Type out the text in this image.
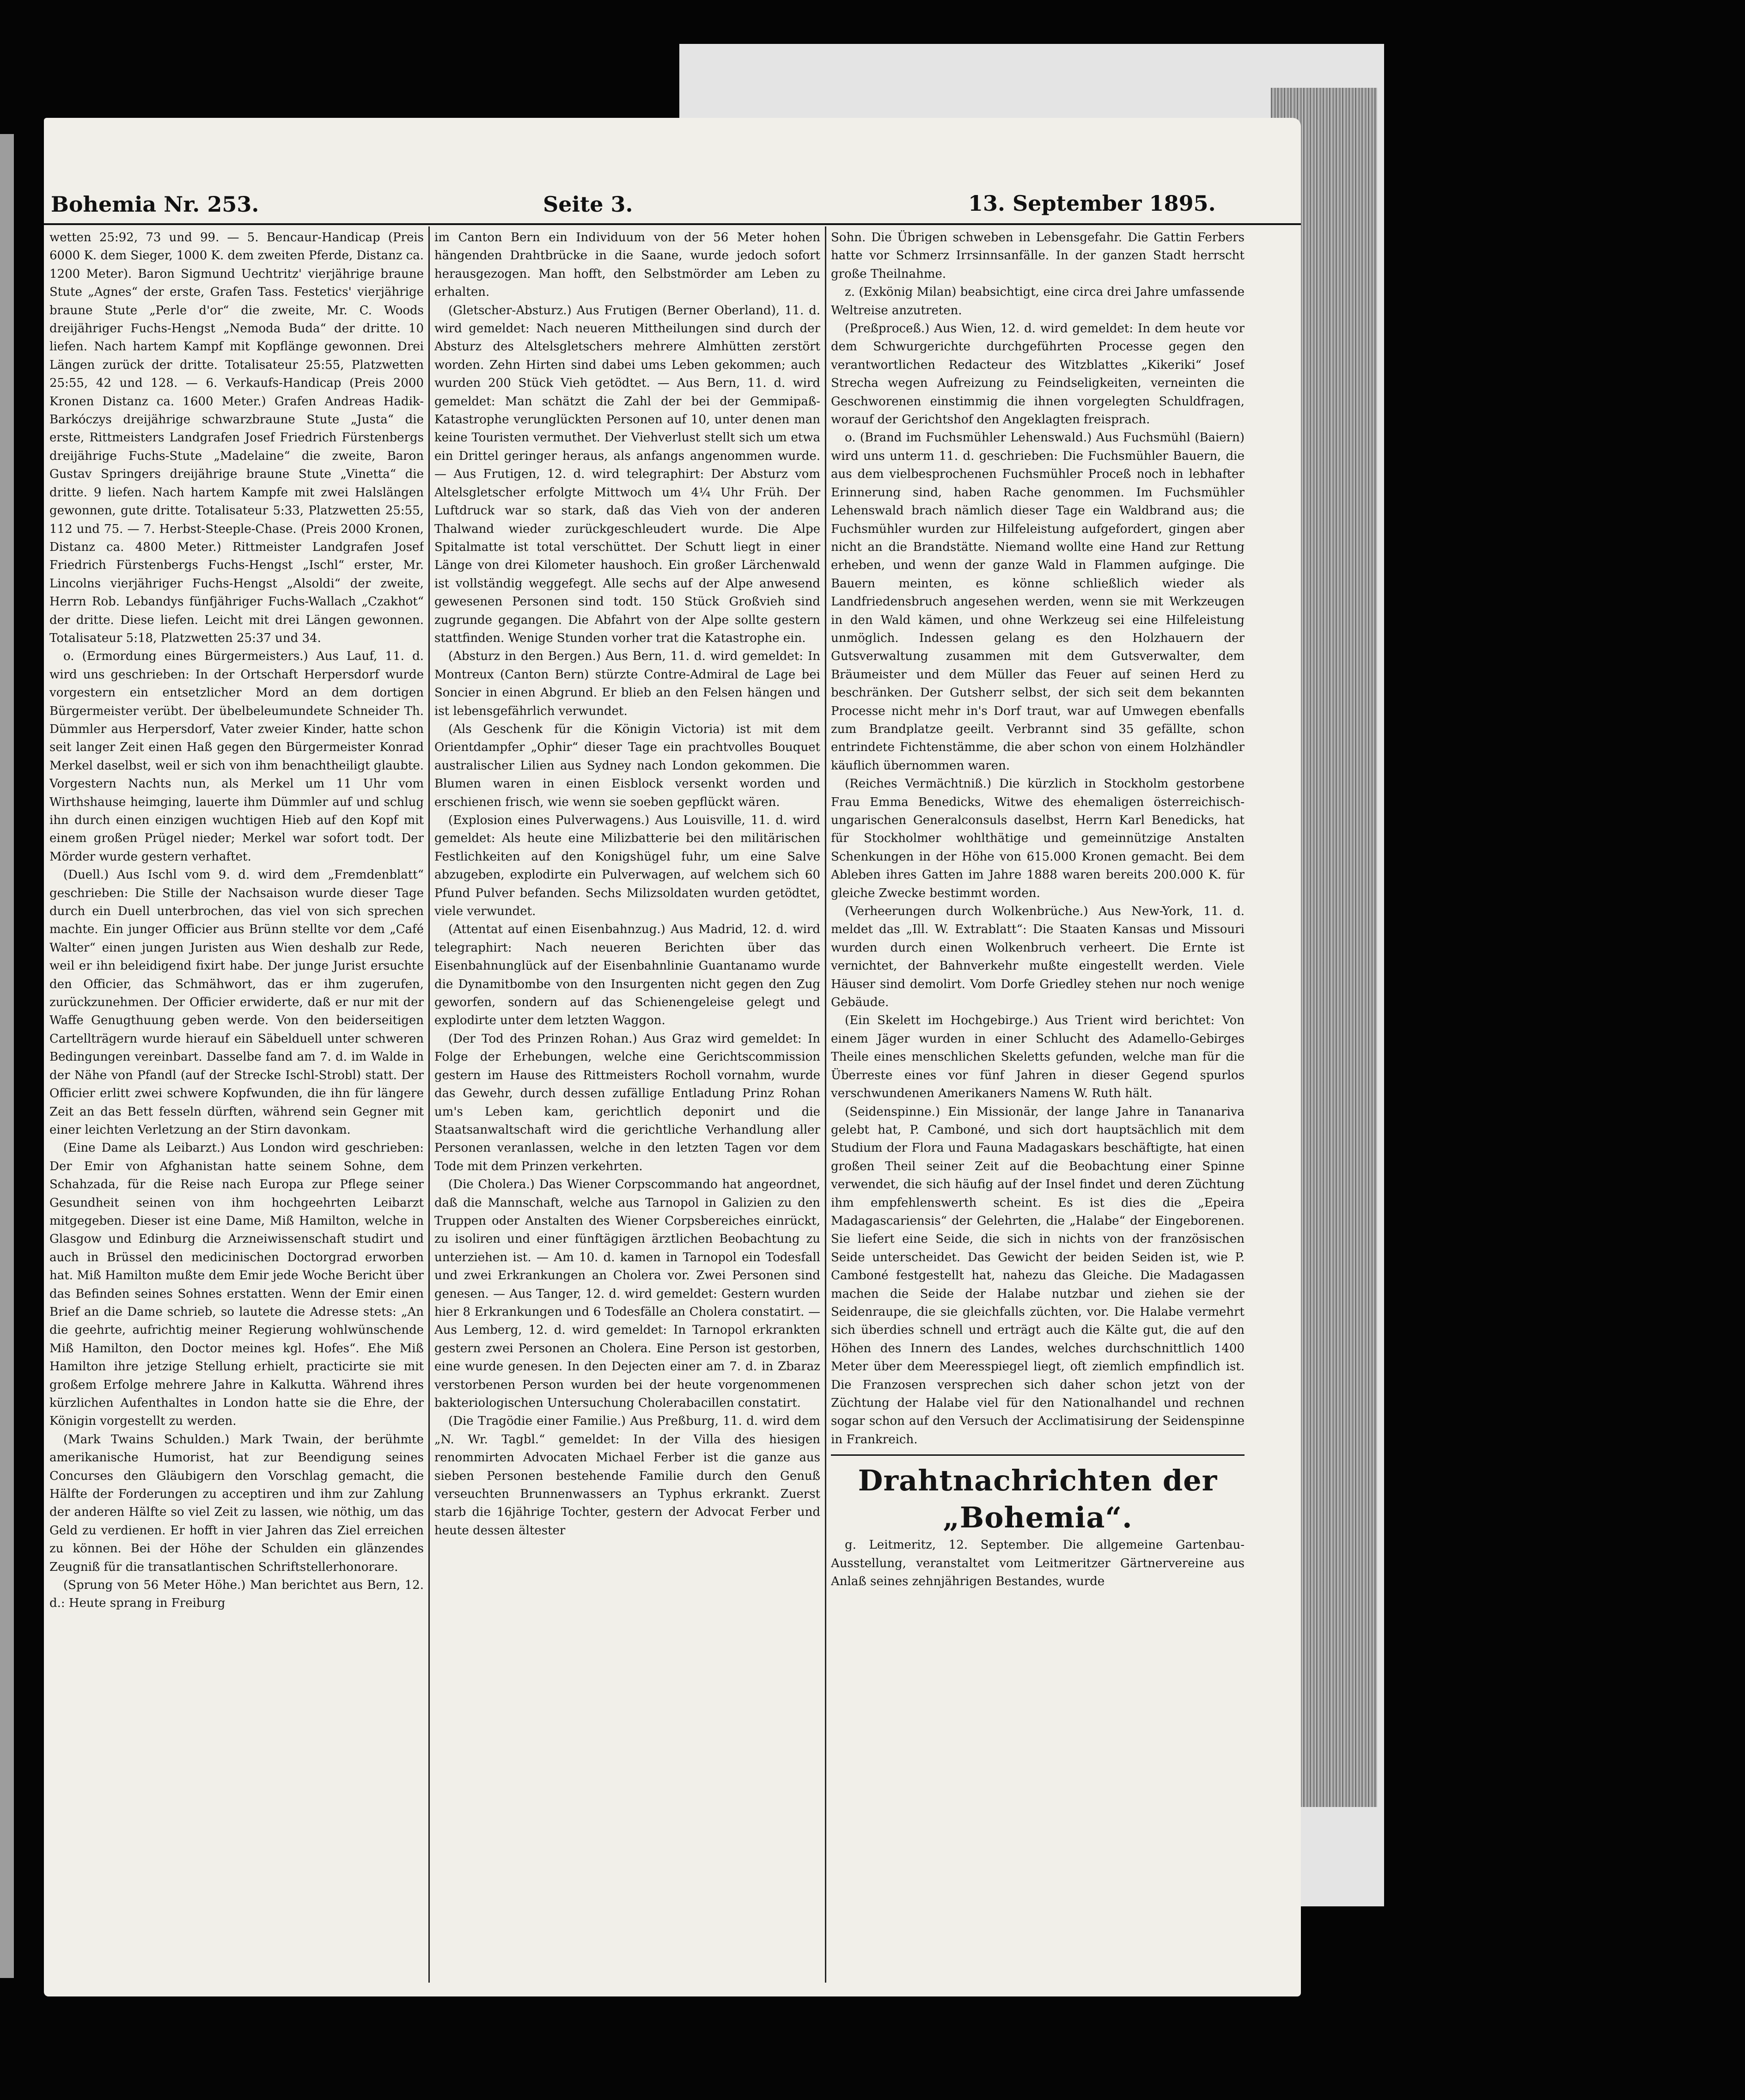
Bohemia Nr. 253.	Seite 3.	13. September 1895.

wetten 25:92, 73 und 99. — 5. Bencaur-Handicap (Preis 6000 K. dem Sieger, 1000 K. dem zweiten Pferde, Distanz ca. 1200 Meter). Baron Sigmund Uechtritz' vierjährige braune Stute „Agnes“ der erste, Grafen Tass. Festetics' vierjährige braune Stute „Perle d'or“ die zweite, Mr. C. Woods dreijähriger Fuchs-Hengst „Nemoda Buda“ der dritte. 10 liefen. Nach hartem Kampf mit Kopflänge gewonnen. Drei Längen zurück der dritte. Totalisateur 25:55, Platzwetten 25:55, 42 und 128. — 6. Verkaufs-Handicap (Preis 2000 Kronen Distanz ca. 1600 Meter.) Grafen Andreas Hadik-Barkóczys dreijährige schwarzbraune Stute „Justa“ die erste, Rittmeisters Landgrafen Josef Friedrich Fürstenbergs dreijährige Fuchs-Stute „Madelaine“ die zweite, Baron Gustav Springers dreijährige braune Stute „Vinetta“ die dritte. 9 liefen. Nach hartem Kampfe mit zwei Halslängen gewonnen, gute dritte. Totalisateur 5:33, Platzwetten 25:55, 112 und 75. — 7. Herbst-Steeple-Chase. (Preis 2000 Kronen, Distanz ca. 4800 Meter.) Rittmeister Landgrafen Josef Friedrich Fürstenbergs Fuchs-Hengst „Ischl“ erster, Mr. Lincolns vierjähriger Fuchs-Hengst „Alsoldi“ der zweite, Herrn Rob. Lebandys fünfjähriger Fuchs-Wallach „Czakhot“ der dritte. Diese liefen. Leicht mit drei Längen gewonnen. Totalisateur 5:18, Platzwetten 25:37 und 34.

o. (Ermordung eines Bürgermeisters.) Aus Lauf, 11. d. wird uns geschrieben: In der Ortschaft Herpersdorf wurde vorgestern ein entsetzlicher Mord an dem dortigen Bürgermeister verübt. Der übelbeleumundete Schneider Th. Dümmler aus Herpersdorf, Vater zweier Kinder, hatte schon seit langer Zeit einen Haß gegen den Bürgermeister Konrad Merkel daselbst, weil er sich von ihm benachtheiligt glaubte. Vorgestern Nachts nun, als Merkel um 11 Uhr vom Wirthshause heimging, lauerte ihm Dümmler auf und schlug ihn durch einen einzigen wuchtigen Hieb auf den Kopf mit einem großen Prügel nieder; Merkel war sofort todt. Der Mörder wurde gestern verhaftet.

(Duell.) Aus Ischl vom 9. d. wird dem „Fremdenblatt“ geschrieben: Die Stille der Nachsaison wurde dieser Tage durch ein Duell unterbrochen, das viel von sich sprechen machte. Ein junger Officier aus Brünn stellte vor dem „Café Walter“ einen jungen Juristen aus Wien deshalb zur Rede, weil er ihn beleidigend fixirt habe. Der junge Jurist ersuchte den Officier, das Schmähwort, das er ihm zugerufen, zurückzunehmen. Der Officier erwiderte, daß er nur mit der Waffe Genugthuung geben werde. Von den beiderseitigen Cartellträgern wurde hierauf ein Säbelduell unter schweren Bedingungen vereinbart. Dasselbe fand am 7. d. im Walde in der Nähe von Pfandl (auf der Strecke Ischl-Strobl) statt. Der Officier erlitt zwei schwere Kopfwunden, die ihn für längere Zeit an das Bett fesseln dürften, während sein Gegner mit einer leichten Verletzung an der Stirn davonkam.

(Eine Dame als Leibarzt.) Aus London wird geschrieben: Der Emir von Afghanistan hatte seinem Sohne, dem Schahzada, für die Reise nach Europa zur Pflege seiner Gesundheit seinen von ihm hochgeehrten Leibarzt mitgegeben. Dieser ist eine Dame, Miß Hamilton, welche in Glasgow und Edinburg die Arzneiwissenschaft studirt und auch in Brüssel den medicinischen Doctorgrad erworben hat. Miß Hamilton mußte dem Emir jede Woche Bericht über das Befinden seines Sohnes erstatten. Wenn der Emir einen Brief an die Dame schrieb, so lautete die Adresse stets: „An die geehrte, aufrichtig meiner Regierung wohlwünschende Miß Hamilton, den Doctor meines kgl. Hofes“. Ehe Miß Hamilton ihre jetzige Stellung erhielt, practicirte sie mit großem Erfolge mehrere Jahre in Kalkutta. Während ihres kürzlichen Aufenthaltes in London hatte sie die Ehre, der Königin vorgestellt zu werden.

(Mark Twains Schulden.) Mark Twain, der berühmte amerikanische Humorist, hat zur Beendigung seines Concurses den Gläubigern den Vorschlag gemacht, die Hälfte der Forderungen zu acceptiren und ihm zur Zahlung der anderen Hälfte so viel Zeit zu lassen, wie nöthig, um das Geld zu verdienen. Er hofft in vier Jahren das Ziel erreichen zu können. Bei der Höhe der Schulden ein glänzendes Zeugniß für die transatlantischen Schriftstellerhonorare.

(Sprung von 56 Meter Höhe.) Man berichtet aus Bern, 12. d.: Heute sprang in Freiburg

im Canton Bern ein Individuum von der 56 Meter hohen hängenden Drahtbrücke in die Saane, wurde jedoch sofort herausgezogen. Man hofft, den Selbstmörder am Leben zu erhalten.

(Gletscher-Absturz.) Aus Frutigen (Berner Oberland), 11. d. wird gemeldet: Nach neueren Mittheilungen sind durch der Absturz des Altelsgletschers mehrere Almhütten zerstört worden. Zehn Hirten sind dabei ums Leben gekommen; auch wurden 200 Stück Vieh getödtet. — Aus Bern, 11. d. wird gemeldet: Man schätzt die Zahl der bei der Gemmipaß-Katastrophe verunglückten Personen auf 10, unter denen man keine Touristen vermuthet. Der Viehverlust stellt sich um etwa ein Drittel geringer heraus, als anfangs angenommen wurde. — Aus Frutigen, 12. d. wird telegraphirt: Der Absturz vom Altelsgletscher erfolgte Mittwoch um 4¼ Uhr Früh. Der Luftdruck war so stark, daß das Vieh von der anderen Thalwand wieder zurückgeschleudert wurde. Die Alpe Spitalmatte ist total verschüttet. Der Schutt liegt in einer Länge von drei Kilometer haushoch. Ein großer Lärchenwald ist vollständig weggefegt. Alle sechs auf der Alpe anwesend gewesenen Personen sind todt. 150 Stück Großvieh sind zugrunde gegangen. Die Abfahrt von der Alpe sollte gestern stattfinden. Wenige Stunden vorher trat die Katastrophe ein.

(Absturz in den Bergen.) Aus Bern, 11. d. wird gemeldet: In Montreux (Canton Bern) stürzte Contre-Admiral de Lage bei Soncier in einen Abgrund. Er blieb an den Felsen hängen und ist lebensgefährlich verwundet.

(Als Geschenk für die Königin Victoria) ist mit dem Orientdampfer „Ophir“ dieser Tage ein prachtvolles Bouquet australischer Lilien aus Sydney nach London gekommen. Die Blumen waren in einen Eisblock versenkt worden und erschienen frisch, wie wenn sie soeben gepflückt wären.

(Explosion eines Pulverwagens.) Aus Louisville, 11. d. wird gemeldet: Als heute eine Milizbatterie bei den militärischen Festlichkeiten auf den Konigshügel fuhr, um eine Salve abzugeben, explodirte ein Pulverwagen, auf welchem sich 60 Pfund Pulver befanden. Sechs Milizsoldaten wurden getödtet, viele verwundet.

(Attentat auf einen Eisenbahnzug.) Aus Madrid, 12. d. wird telegraphirt: Nach neueren Berichten über das Eisenbahnunglück auf der Eisenbahnlinie Guantanamo wurde die Dynamitbombe von den Insurgenten nicht gegen den Zug geworfen, sondern auf das Schienengeleise gelegt und explodirte unter dem letzten Waggon.

(Der Tod des Prinzen Rohan.) Aus Graz wird gemeldet: In Folge der Erhebungen, welche eine Gerichtscommission gestern im Hause des Rittmeisters Rocholl vornahm, wurde das Gewehr, durch dessen zufällige Entladung Prinz Rohan um's Leben kam, gerichtlich deponirt und die Staatsanwaltschaft wird die gerichtliche Verhandlung aller Personen veranlassen, welche in den letzten Tagen vor dem Tode mit dem Prinzen verkehrten.

(Die Cholera.) Das Wiener Corpscommando hat angeordnet, daß die Mannschaft, welche aus Tarnopol in Galizien zu den Truppen oder Anstalten des Wiener Corpsbereiches einrückt, zu isoliren und einer fünftägigen ärztlichen Beobachtung zu unterziehen ist. — Am 10. d. kamen in Tarnopol ein Todesfall und zwei Erkrankungen an Cholera vor. Zwei Personen sind genesen. — Aus Tanger, 12. d. wird gemeldet: Gestern wurden hier 8 Erkrankungen und 6 Todesfälle an Cholera constatirt. — Aus Lemberg, 12. d. wird gemeldet: In Tarnopol erkrankten gestern zwei Personen an Cholera. Eine Person ist gestorben, eine wurde genesen. In den Dejecten einer am 7. d. in Zbaraz verstorbenen Person wurden bei der heute vorgenommenen bakteriologischen Untersuchung Cholerabacillen constatirt.

(Die Tragödie einer Familie.) Aus Preßburg, 11. d. wird dem „N. Wr. Tagbl.“ gemeldet: In der Villa des hiesigen renommirten Advocaten Michael Ferber ist die ganze aus sieben Personen bestehende Familie durch den Genuß verseuchten Brunnenwassers an Typhus erkrankt. Zuerst starb die 16jährige Tochter, gestern der Advocat Ferber und heute dessen ältester

Sohn. Die Übrigen schweben in Lebensgefahr. Die Gattin Ferbers hatte vor Schmerz Irrsinnsanfälle. In der ganzen Stadt herrscht große Theilnahme.

z. (Exkönig Milan) beabsichtigt, eine circa drei Jahre umfassende Weltreise anzutreten.

(Preßproceß.) Aus Wien, 12. d. wird gemeldet: In dem heute vor dem Schwurgerichte durchgeführten Processe gegen den verantwortlichen Redacteur des Witzblattes „Kikeriki“ Josef Strecha wegen Aufreizung zu Feindseligkeiten, verneinten die Geschworenen einstimmig die ihnen vorgelegten Schuldfragen, worauf der Gerichtshof den Angeklagten freisprach.

o. (Brand im Fuchsmühler Lehenswald.) Aus Fuchsmühl (Baiern) wird uns unterm 11. d. geschrieben: Die Fuchsmühler Bauern, die aus dem vielbesprochenen Fuchsmühler Proceß noch in lebhafter Erinnerung sind, haben Rache genommen. Im Fuchsmühler Lehenswald brach nämlich dieser Tage ein Waldbrand aus; die Fuchsmühler wurden zur Hilfeleistung aufgefordert, gingen aber nicht an die Brandstätte. Niemand wollte eine Hand zur Rettung erheben, und wenn der ganze Wald in Flammen aufginge. Die Bauern meinten, es könne schließlich wieder als Landfriedensbruch angesehen werden, wenn sie mit Werkzeugen in den Wald kämen, und ohne Werkzeug sei eine Hilfeleistung unmöglich. Indessen gelang es den Holzhauern der Gutsverwaltung zusammen mit dem Gutsverwalter, dem Bräumeister und dem Müller das Feuer auf seinen Herd zu beschränken. Der Gutsherr selbst, der sich seit dem bekannten Processe nicht mehr in's Dorf traut, war auf Umwegen ebenfalls zum Brandplatze geeilt. Verbrannt sind 35 gefällte, schon entrindete Fichtenstämme, die aber schon von einem Holzhändler käuflich übernommen waren.

(Reiches Vermächtniß.) Die kürzlich in Stockholm gestorbene Frau Emma Benedicks, Witwe des ehemaligen österreichisch-ungarischen Generalconsuls daselbst, Herrn Karl Benedicks, hat für Stockholmer wohlthätige und gemeinnützige Anstalten Schenkungen in der Höhe von 615.000 Kronen gemacht. Bei dem Ableben ihres Gatten im Jahre 1888 waren bereits 200.000 K. für gleiche Zwecke bestimmt worden.

(Verheerungen durch Wolkenbrüche.) Aus New-York, 11. d. meldet das „Ill. W. Extrablatt“: Die Staaten Kansas und Missouri wurden durch einen Wolkenbruch verheert. Die Ernte ist vernichtet, der Bahnverkehr mußte eingestellt werden. Viele Häuser sind demolirt. Vom Dorfe Griedley stehen nur noch wenige Gebäude.

(Ein Skelett im Hochgebirge.) Aus Trient wird berichtet: Von einem Jäger wurden in einer Schlucht des Adamello-Gebirges Theile eines menschlichen Skeletts gefunden, welche man für die Überreste eines vor fünf Jahren in dieser Gegend spurlos verschwundenen Amerikaners Namens W. Ruth hält.

(Seidenspinne.) Ein Missionär, der lange Jahre in Tananariva gelebt hat, P. Camboné, und sich dort hauptsächlich mit dem Studium der Flora und Fauna Madagaskars beschäftigte, hat einen großen Theil seiner Zeit auf die Beobachtung einer Spinne verwendet, die sich häufig auf der Insel findet und deren Züchtung ihm empfehlenswerth scheint. Es ist dies die „Epeira Madagascariensis“ der Gelehrten, die „Halabe“ der Eingeborenen. Sie liefert eine Seide, die sich in nichts von der französischen Seide unterscheidet. Das Gewicht der beiden Seiden ist, wie P. Camboné festgestellt hat, nahezu das Gleiche. Die Madagassen machen die Seide der Halabe nutzbar und ziehen sie der Seidenraupe, die sie gleichfalls züchten, vor. Die Halabe vermehrt sich überdies schnell und erträgt auch die Kälte gut, die auf den Höhen des Innern des Landes, welches durchschnittlich 1400 Meter über dem Meeresspiegel liegt, oft ziemlich empfindlich ist. Die Franzosen versprechen sich daher schon jetzt von der Züchtung der Halabe viel für den Nationalhandel und rechnen sogar schon auf den Versuch der Acclimatisirung der Seidenspinne in Frankreich.

Drahtnachrichten der „Bohemia“.

g. Leitmeritz, 12. September. Die allgemeine Gartenbau-Ausstellung, veranstaltet vom Leitmeritzer Gärtnervereine aus Anlaß seines zehnjährigen Bestandes, wurde
